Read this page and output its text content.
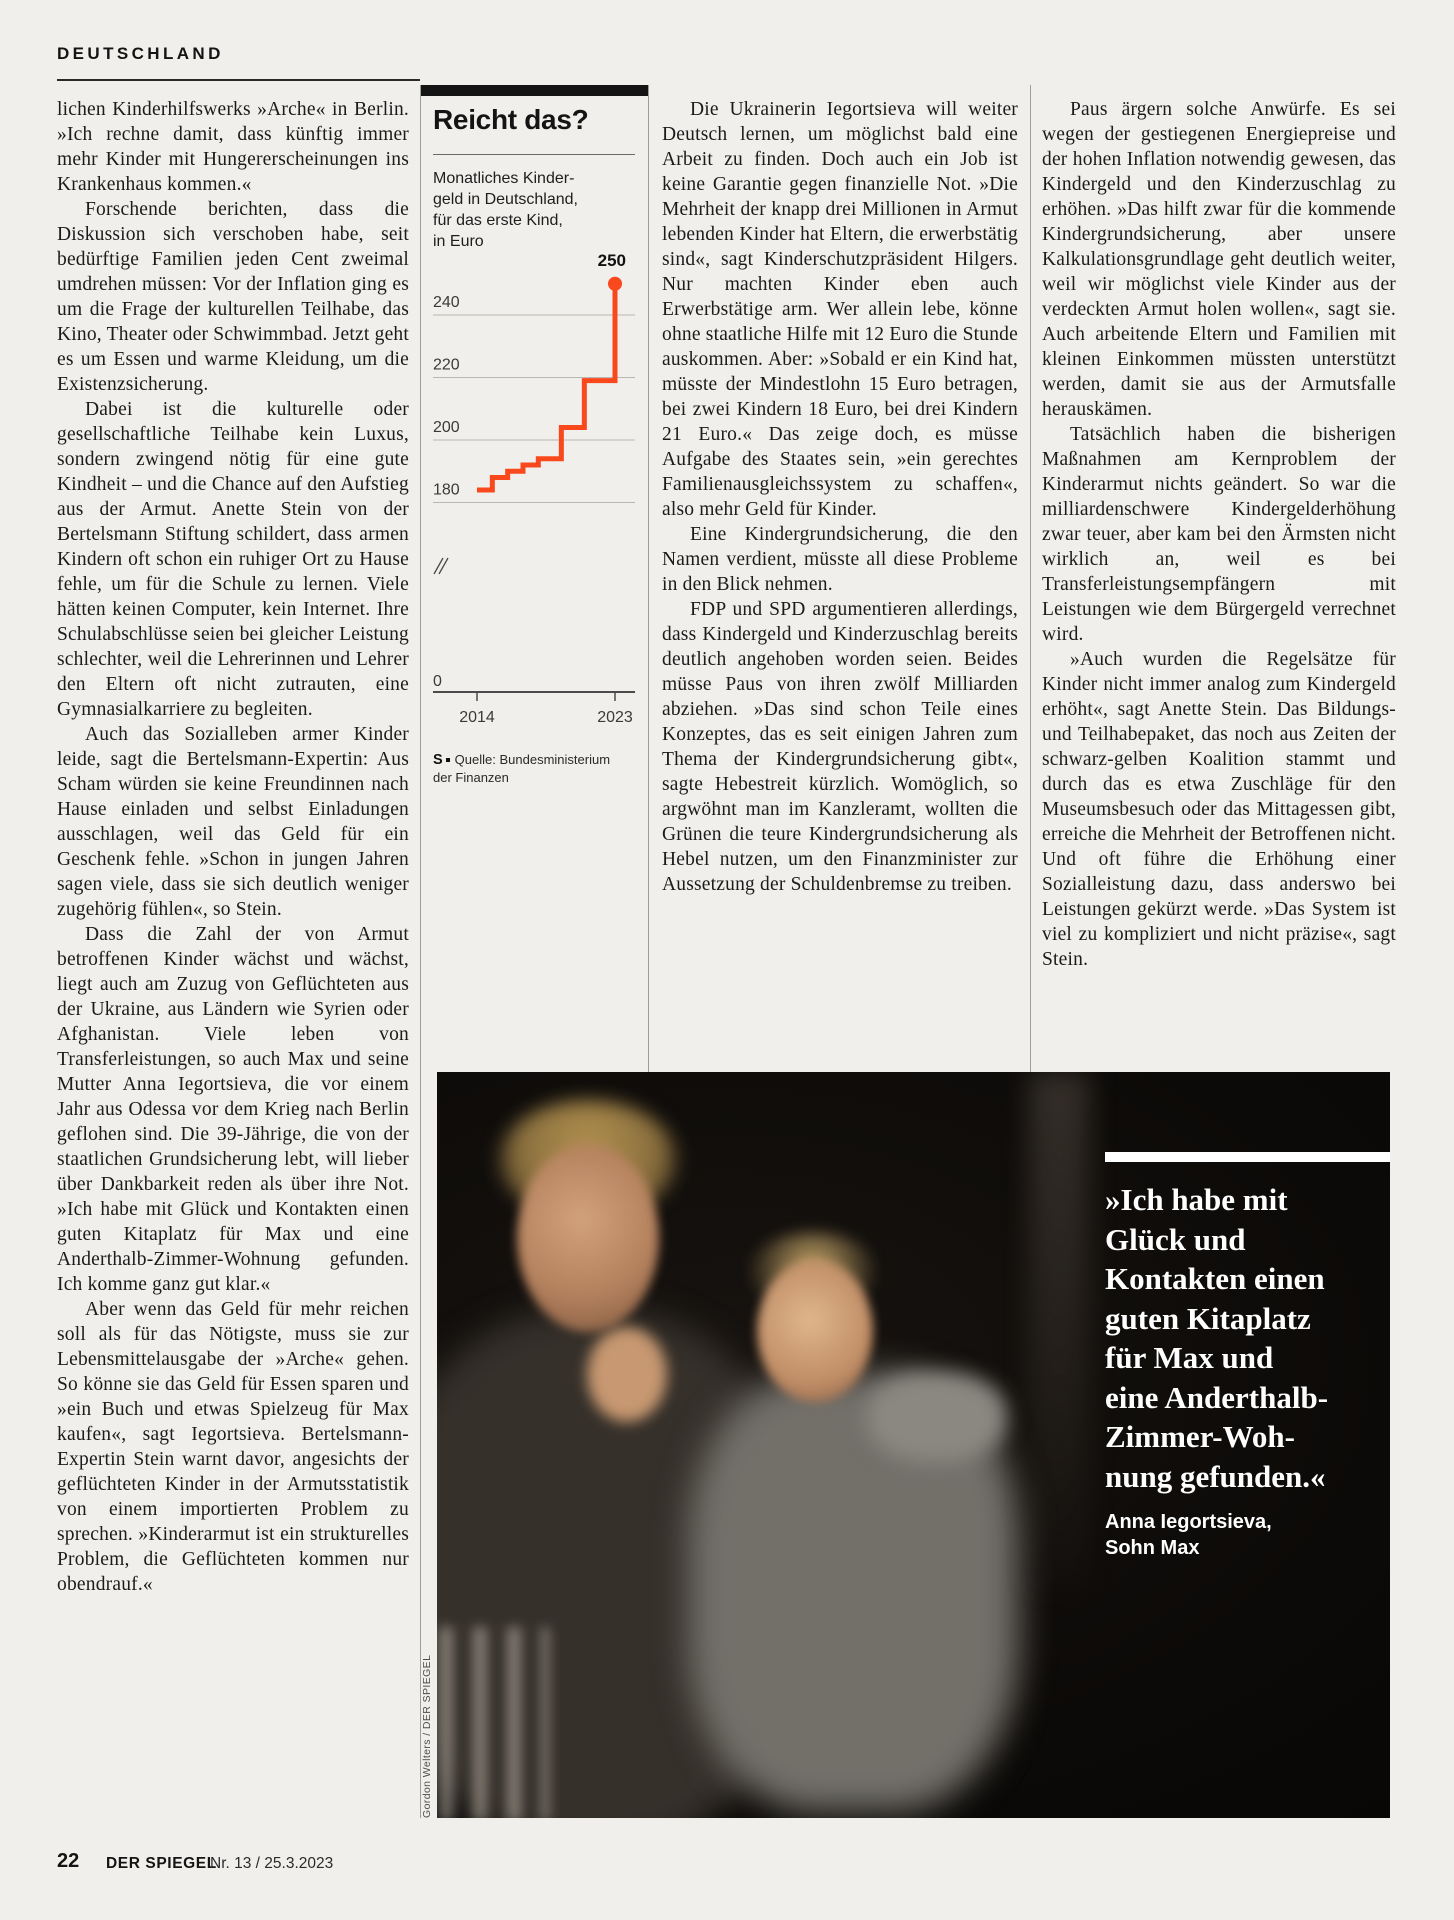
DEUTSCHLAND

lichen Kinderhilfswerks »Arche« in Berlin. »Ich rechne damit, dass künftig immer mehr Kinder mit Hungererscheinungen ins Krankenhaus kommen.«

Forschende berichten, dass die Diskussion sich verschoben habe, seit bedürftige Familien jeden Cent zweimal umdrehen müssen: Vor der Inflation ging es um die Frage der kulturellen Teilhabe, das Kino, Theater oder Schwimmbad. Jetzt geht es um Essen und warme Kleidung, um die Existenzsicherung.

Dabei ist die kulturelle oder gesellschaftliche Teilhabe kein Luxus, sondern zwingend nötig für eine gute Kindheit – und die Chance auf den Aufstieg aus der Armut. Anette Stein von der Bertelsmann Stiftung schildert, dass armen Kindern oft schon ein ruhiger Ort zu Hause fehle, um für die Schule zu lernen. Viele hätten keinen Computer, kein Internet. Ihre Schulabschlüsse seien bei gleicher Leistung schlechter, weil die Lehrerinnen und Lehrer den Eltern oft nicht zutrauten, eine Gymnasialkarriere zu begleiten.

Auch das Sozialleben armer Kinder leide, sagt die Bertelsmann-Expertin: Aus Scham würden sie keine Freundinnen nach Hause einladen und selbst Einladungen ausschlagen, weil das Geld für ein Geschenk fehle. »Schon in jungen Jahren sagen viele, dass sie sich deutlich weniger zugehörig fühlen«, so Stein.

Dass die Zahl der von Armut betroffenen Kinder wächst und wächst, liegt auch am Zuzug von Geflüchteten aus der Ukraine, aus Ländern wie Syrien oder Afghanistan. Viele leben von Transferleistungen, so auch Max und seine Mutter Anna Iegortsieva, die vor einem Jahr aus Odessa vor dem Krieg nach Berlin geflohen sind. Die 39-Jährige, die von der staatlichen Grundsicherung lebt, will lieber über Dankbarkeit reden als über ihre Not. »Ich habe mit Glück und Kontakten einen guten Kitaplatz für Max und eine Anderthalb-Zimmer-Wohnung gefunden. Ich komme ganz gut klar.«

Aber wenn das Geld für mehr reichen soll als für das Nötigste, muss sie zur Lebensmittelausgabe der »Arche« gehen. So könne sie das Geld für Essen sparen und »ein Buch und etwas Spielzeug für Max kaufen«, sagt Iegortsieva. Bertelsmann-Expertin Stein warnt davor, angesichts der geflüchteten Kinder in der Armutsstatistik von einem importierten Problem zu sprechen. »Kinderarmut ist ein strukturelles Problem, die Geflüchteten kommen nur obendrauf.«

Reicht das?
Monatliches Kinder-
geld in Deutschland,
für das erste Kind,
in Euro
240
220
200
180
0
2014	2023
250
S Quelle: Bundesministerium
der Finanzen

Die Ukrainerin Iegortsieva will weiter Deutsch lernen, um möglichst bald eine Arbeit zu finden. Doch auch ein Job ist keine Garantie gegen finanzielle Not. »Die Mehrheit der knapp drei Millionen in Armut lebenden Kinder hat Eltern, die erwerbstätig sind«, sagt Kinderschutzpräsident Hilgers. Nur machten Kinder eben auch Erwerbstätige arm. Wer allein lebe, könne ohne staatliche Hilfe mit 12 Euro die Stunde auskommen. Aber: »Sobald er ein Kind hat, müsste der Mindestlohn 15 Euro betragen, bei zwei Kindern 18 Euro, bei drei Kindern 21 Euro.« Das zeige doch, es müsse Aufgabe des Staates sein, »ein gerechtes Familienausgleichssystem zu schaffen«, also mehr Geld für Kinder.

Eine Kindergrundsicherung, die den Namen verdient, müsste all diese Probleme in den Blick nehmen.

FDP und SPD argumentieren allerdings, dass Kindergeld und Kinderzuschlag bereits deutlich angehoben worden seien. Beides müsse Paus von ihren zwölf Milliarden abziehen. »Das sind schon Teile eines Konzeptes, das es seit einigen Jahren zum Thema der Kindergrundsicherung gibt«, sagte Hebestreit kürzlich. Womöglich, so argwöhnt man im Kanzleramt, wollten die Grünen die teure Kindergrundsicherung als Hebel nutzen, um den Finanzminister zur Aussetzung der Schuldenbremse zu treiben.

Paus ärgern solche Anwürfe. Es sei wegen der gestiegenen Energiepreise und der hohen Inflation notwendig gewesen, das Kindergeld und den Kinderzuschlag zu erhöhen. »Das hilft zwar für die kommende Kindergrundsicherung, aber unsere Kalkulationsgrundlage geht deutlich weiter, weil wir möglichst viele Kinder aus der verdeckten Armut holen wollen«, sagt sie. Auch arbeitende Eltern und Familien mit kleinen Einkommen müssten unterstützt werden, damit sie aus der Armutsfalle herauskämen.

Tatsächlich haben die bisherigen Maßnahmen am Kernproblem der Kinderarmut nichts geändert. So war die milliardenschwere Kindergelderhöhung zwar teuer, aber kam bei den Ärmsten nicht wirklich an, weil es bei Transferleistungsempfängern mit Leistungen wie dem Bürgergeld verrechnet wird.

»Auch wurden die Regelsätze für Kinder nicht immer analog zum Kindergeld erhöht«, sagt Anette Stein. Das Bildungs- und Teilhabepaket, das noch aus Zeiten der schwarz-gelben Koalition stammt und durch das es etwa Zuschläge für den Museumsbesuch oder das Mittagessen gibt, erreiche die Mehrheit der Betroffenen nicht. Und oft führe die Erhöhung einer Sozialleistung dazu, dass anderswo bei Leistungen gekürzt werde. »Das System ist viel zu kompliziert und nicht präzise«, sagt Stein.

»Ich habe mit
Glück und
Kontakten einen
guten Kitaplatz
für Max und
eine Anderthalb-
Zimmer-Woh-
nung gefunden.«
Anna Iegortsieva,
Sohn Max
Gordon Welters / DER SPIEGEL
22 DER SPIEGEL
Nr. 13 / 25.3.2023
